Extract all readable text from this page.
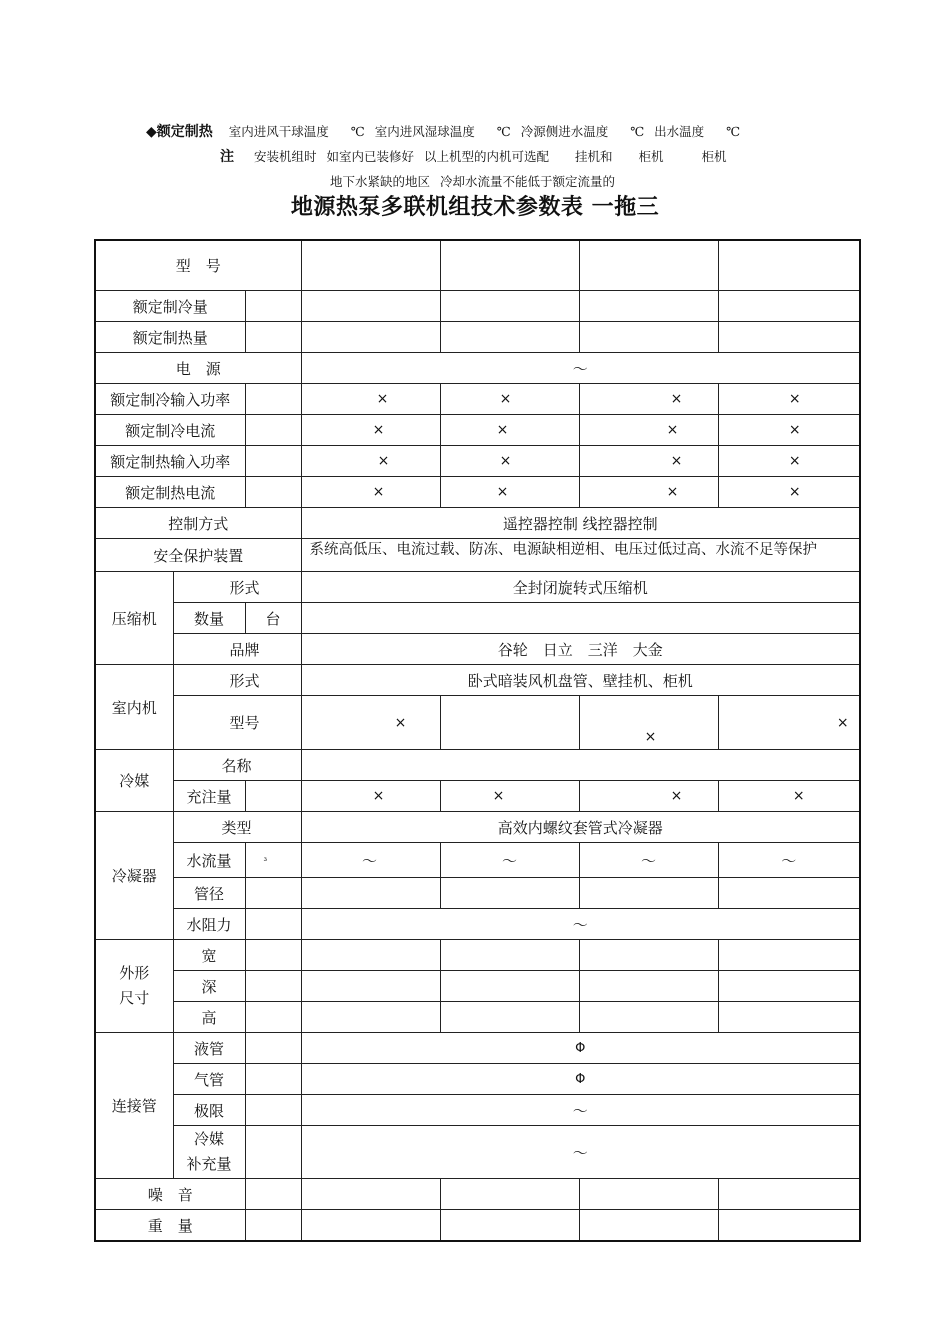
◆额定制热 室内进风干球温度 ℃ 室内进风湿球温度 ℃ 冷源侧进水温度 ℃ 出水温度 ℃
注 安装机组时 如室内已装修好 以上机型的内机可选配 挂机和 柜机	柜机
地下水紧缺的地区 冷却水流量不能低于额定流量的
地源热泵多联机组技术参数表 一拖三
型　号						
额定制冷量						
额定制热量						
电　源			～			
额定制冷输入功率			×	×	×	×
额定制冷电流			×	×	×	×
额定制热输入功率			×	×	×	×
额定制热电流			×	×	×	×
控制方式			遥控器控制 线控器控制			
安全保护装置			系统高低压、电流过载、防冻、电源缺相逆相、电压过低过高、水流不足等保护			

压缩机	形式		全封闭旋转式压缩机			
	数量	台				
	品牌		谷轮　日立　三洋　大金			
室内机	形式		卧式暗装风机盘管、壁挂机、柜机			
	型号		×		×	×
冷媒	名称					
	充注量		×	×	×	×
冷凝器	类型		高效内螺纹套管式冷凝器			
	水流量	³	～	～	～	～
	管径					
	水阻力		～			

外形
尺寸	宽					
	深					
	高					
连接管	液管		Φ			
	气管		Φ			
	极限		～			

	冷媒
补充量		～			
噪　音						
重　量						
